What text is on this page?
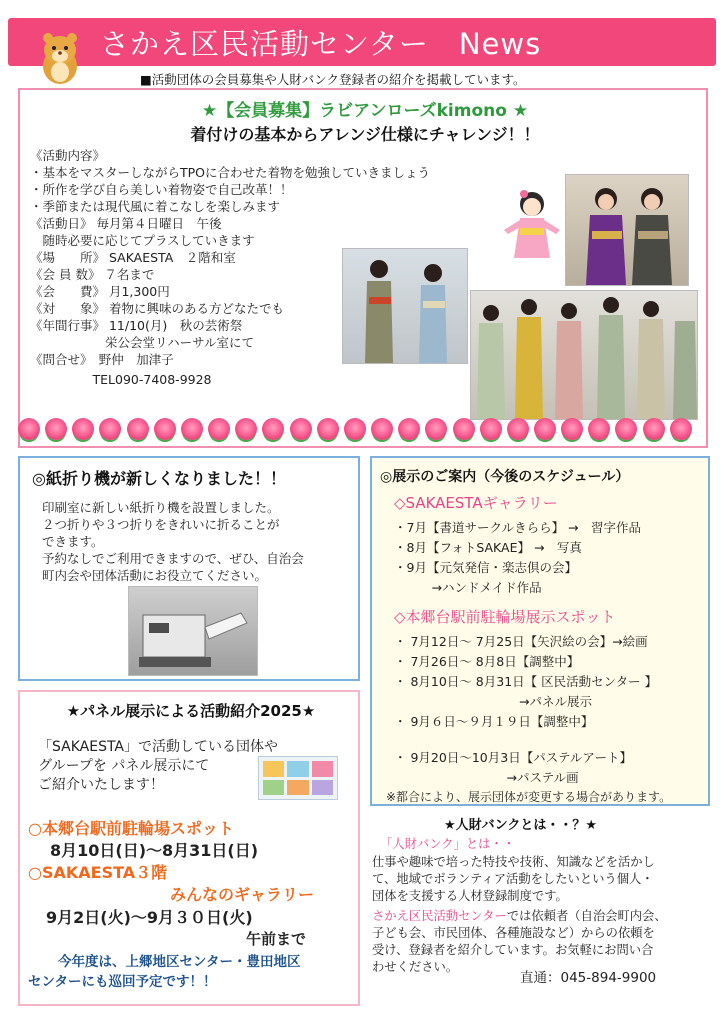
さかえ区民活動センター　News
■活動団体の会員募集や人財バンク登録者の紹介を掲載しています。
★【会員募集】ラビアンローズkimono ★
着付けの基本からアレンジ仕様にチャレンジ！！
《活動内容》
・基本をマスターしながらTPOに合わせた着物を勉強していきましょう
・所作を学び自ら美しい着物姿で自己改革！！
・季節または現代風に着こなしを楽しみます
《活動日》 毎月第４日曜日　午後
　随時必要に応じてプラスしていきます
《場　　所》 SAKAESTA　２階和室
《会 員 数》 ７名まで
《会　　費》 月1,300円
《対　　象》 着物に興味のある方どなたでも
《年間行事》 11/10(月)　秋の芸術祭
　　　　　　栄公会堂リハーサル室にて
《問合せ》　野仲　加津子
　　　　　TEL090-7408-9928
◎紙折り機が新しくなりました！！
印刷室に新しい紙折り機を設置しました。
２つ折りや３つ折りをきれいに折ることが
できます。
予約なしでご利用できますので、ぜひ、自治会
町内会や団体活動にお役立てください。
◎展示のご案内（今後のスケジュール）
◇SAKAESTAギャラリー
・7月【書道サークルきらら】 →　習字作品
・8月【フォトSAKAE】 →　写真
・9月【元気発信・楽志倶の会】
　　　→ハンドメイド作品
◇本郷台駅前駐輪場展示スポット
・ 7月12日～ 7月25日【矢沢絵の会】→絵画
・ 7月26日～ 8月8日【調整中】
・ 8月10日～ 8月31日【 区民活動センター 】
　　　　　　　　　　→パネル展示
・ 9月６日～９月１９日【調整中】
・ 9月20日～10月3日【パステルアート】
　　　　　　　　　→パステル画
※都合により、展示団体が変更する場合があります。
★パネル展示による活動紹介2025★
「SAKAESTA」で活動している団体や
グループを パネル展示にて
ご紹介いたします！
○本郷台駅前駐輪場スポット
8月10日(日)～8月31日(日)
○SAKAESTA３階
みんなのギャラリー
9月2日(火)～9月３０日(火)
午前まで
今年度は、上郷地区センター・豊田地区
センターにも巡回予定です！！
★人財バンクとは・・？★
「人財バンク」とは・・
仕事や趣味で培った特技や技術、知識などを活かし
て、地域でボランティア活動をしたいという個人・
団体を支援する人材登録制度です。
さかえ区民活動センターでは依頼者（自治会町内会、
子ども会、市民団体、各種施設など）からの依頼を
受け、登録者を紹介しています。お気軽にお問い合
わせください。
直通：045-894-9900
